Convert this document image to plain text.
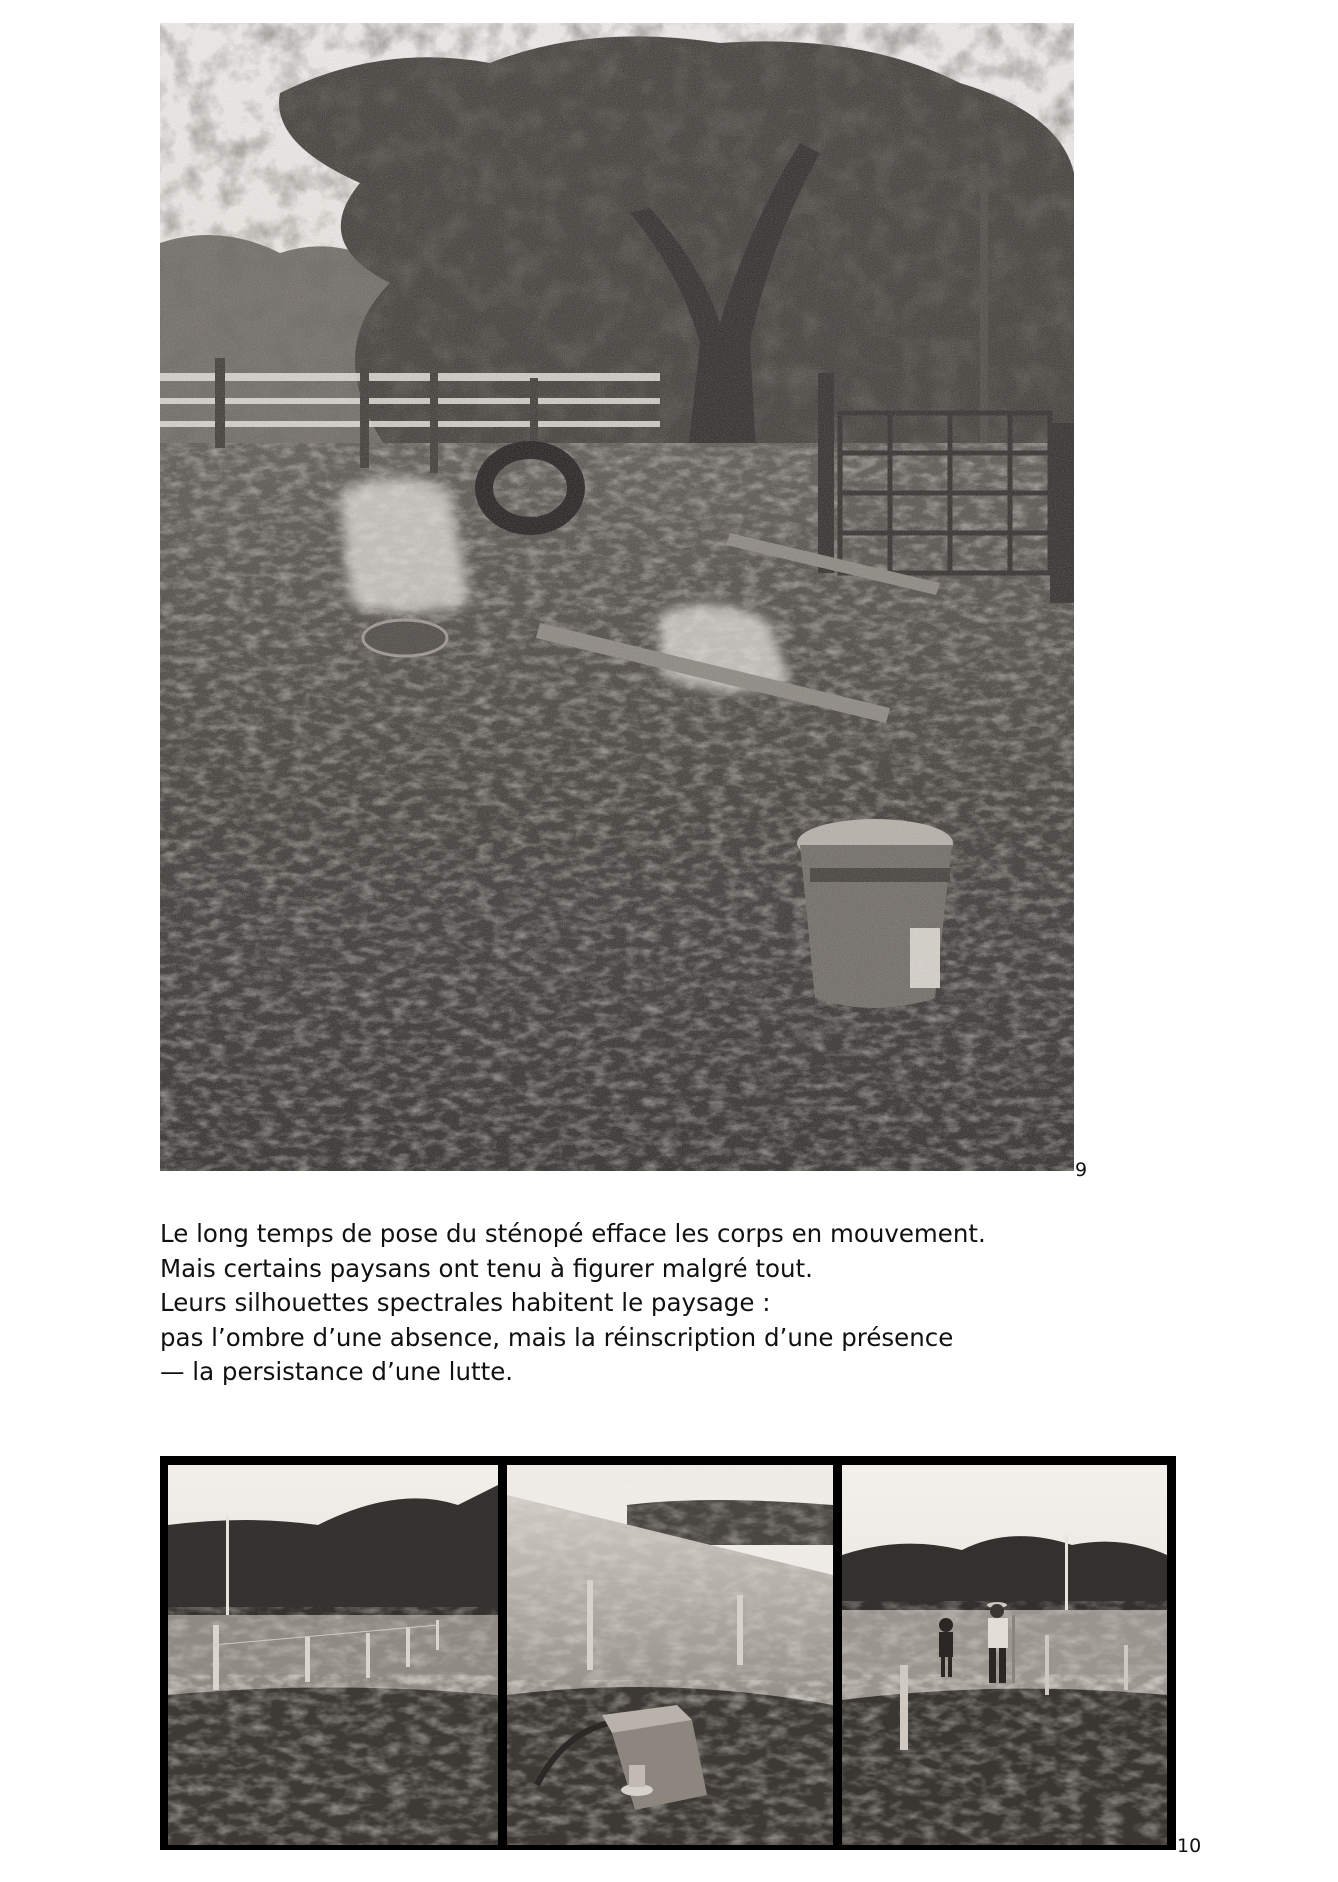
9
Le long temps de pose du sténopé efface les corps en mouvement.
Mais certains paysans ont tenu à figurer malgré tout.
Leurs silhouettes spectrales habitent le paysage :
pas l’ombre d’une absence, mais la réinscription d’une présence
— la persistance d’une lutte.
10
